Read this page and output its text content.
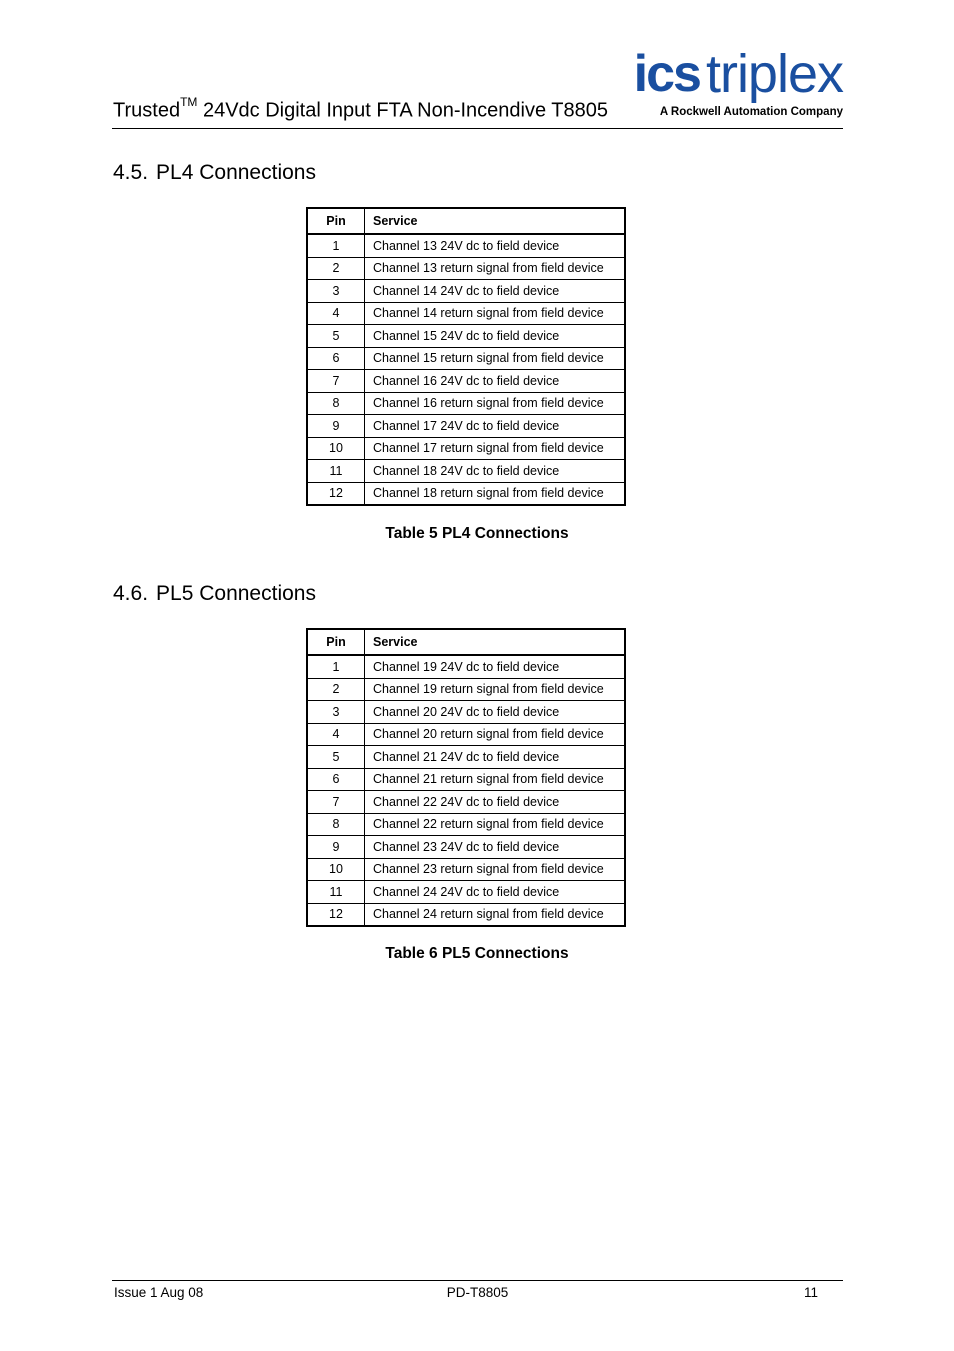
Trusted™ 24Vdc Digital Input FTA Non-Incendive T8805
ics triplex
A Rockwell Automation Company
4.5. PL4 Connections
Pin	Service
1	Channel 13 24V dc to field device
2	Channel 13 return signal from field device
3	Channel 14 24V dc to field device
4	Channel 14 return signal from field device
5	Channel 15 24V dc to field device
6	Channel 15 return signal from field device
7	Channel 16 24V dc to field device
8	Channel 16 return signal from field device
9	Channel 17 24V dc to field device
10	Channel 17 return signal from field device
11	Channel 18 24V dc to field device
12	Channel 18 return signal from field device
Table 5 PL4 Connections
4.6. PL5 Connections
Pin	Service
1	Channel 19 24V dc to field device
2	Channel 19 return signal from field device
3	Channel 20 24V dc to field device
4	Channel 20 return signal from field device
5	Channel 21 24V dc to field device
6	Channel 21 return signal from field device
7	Channel 22 24V dc to field device
8	Channel 22 return signal from field device
9	Channel 23 24V dc to field device
10	Channel 23 return signal from field device
11	Channel 24 24V dc to field device
12	Channel 24 return signal from field device
Table 6 PL5 Connections
Issue 1 Aug 08	PD-T8805	11
